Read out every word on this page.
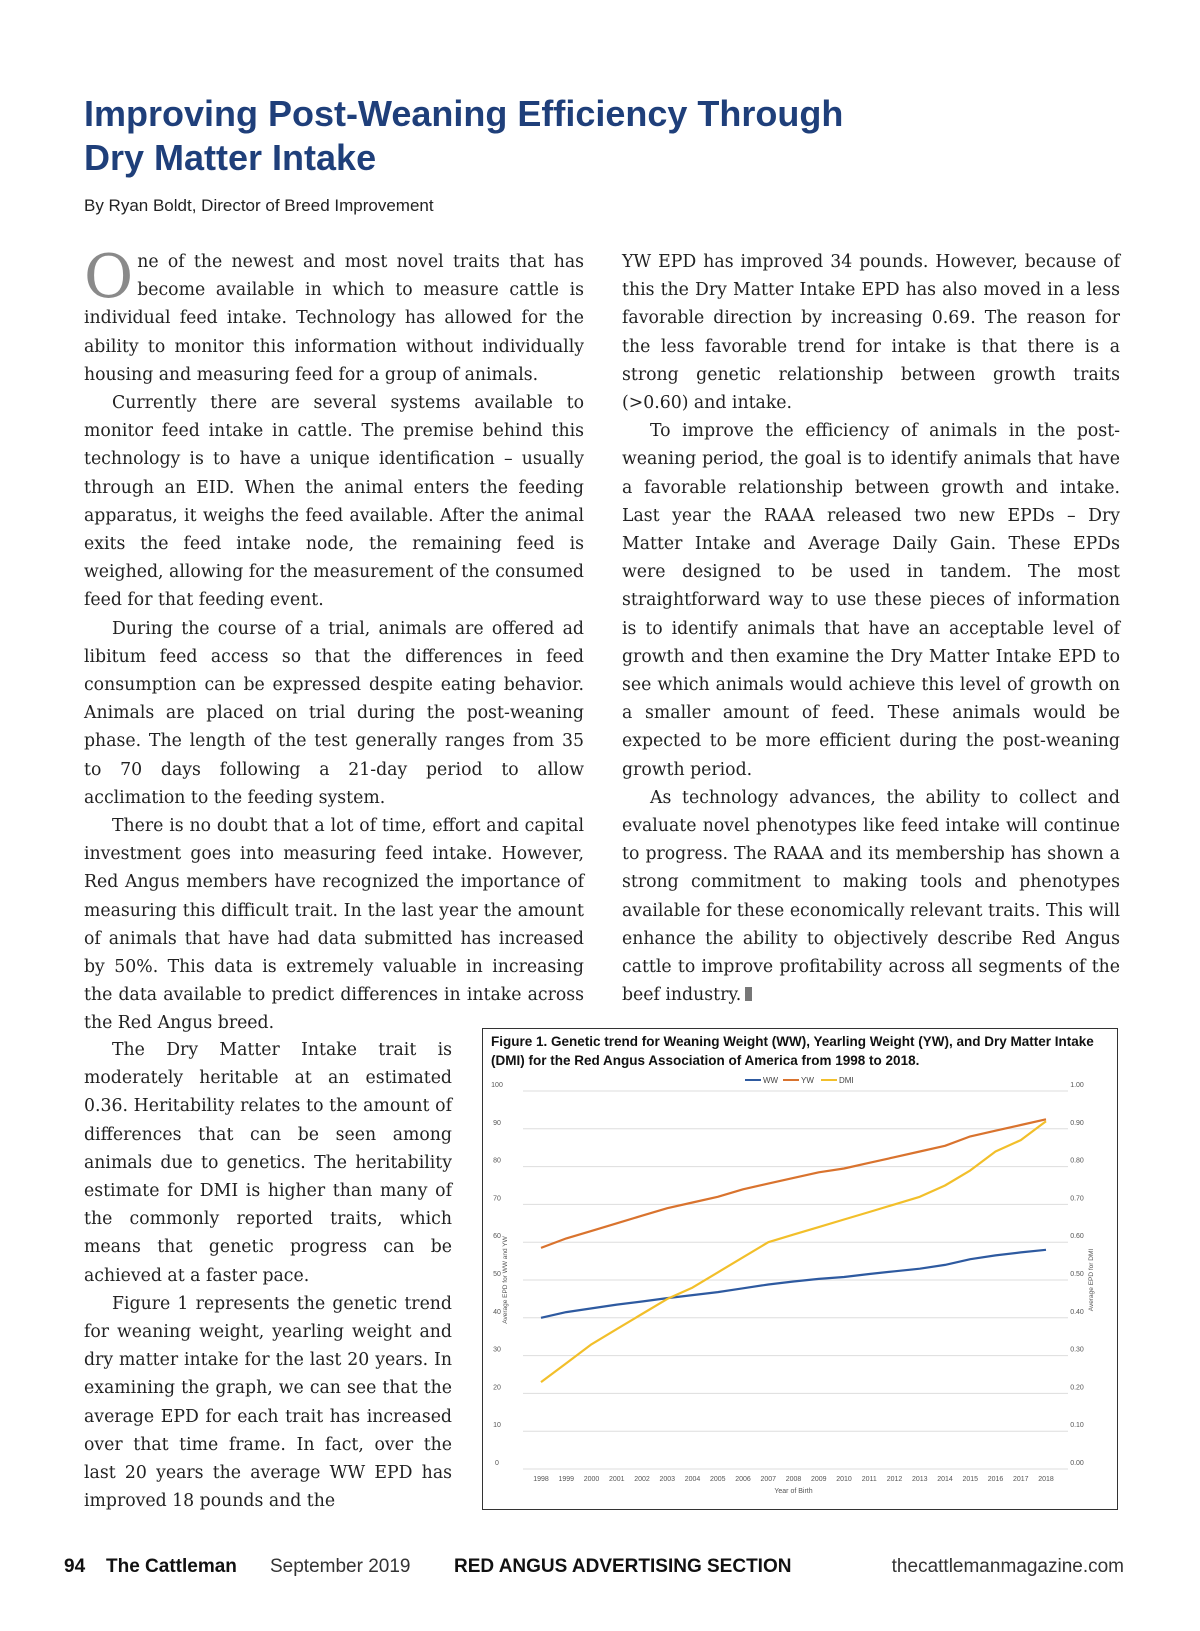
Improving Post-Weaning Efficiency Through
Dry Matter Intake

By Ryan Boldt, Director of Breed Improvement

One of the newest and most novel traits that has become available in which to measure cattle is individual feed intake. Technology has allowed for the ability to monitor this information without individually housing and measuring feed for a group of animals.

Currently there are several systems available to monitor feed intake in cattle. The premise behind this technology is to have a unique identification – usually through an EID. When the animal enters the feeding apparatus, it weighs the feed available. After the animal exits the feed intake node, the remaining feed is weighed, allowing for the measurement of the consumed feed for that feeding event.

During the course of a trial, animals are offered ad libitum feed access so that the differences in feed consumption can be expressed despite eating behavior. Animals are placed on trial during the post-weaning phase. The length of the test generally ranges from 35 to 70 days following a 21-day period to allow acclimation to the feeding system.

There is no doubt that a lot of time, effort and capital investment goes into measuring feed intake. However, Red Angus members have recognized the importance of measuring this difficult trait. In the last year the amount of animals that have had data submitted has increased by 50%. This data is extremely valuable in increasing the data available to predict differences in intake across the Red Angus breed.

The Dry Matter Intake trait is moderately heritable at an estimated 0.36. Heritability relates to the amount of differences that can be seen among animals due to genetics. The heritability estimate for DMI is higher than many of the commonly reported traits, which means that genetic progress can be achieved at a faster pace.

Figure 1 represents the genetic trend for weaning weight, yearling weight and dry matter intake for the last 20 years. In examining the graph, we can see that the average EPD for each trait has increased over that time frame. In fact, over the last 20 years the average WW EPD has improved 18 pounds and the

YW EPD has improved 34 pounds. However, because of this the Dry Matter Intake EPD has also moved in a less favorable direction by increasing 0.69. The reason for the less favorable trend for intake is that there is a strong genetic relationship between growth traits (>0.60) and intake.

To improve the efficiency of animals in the post-weaning period, the goal is to identify animals that have a favorable relationship between growth and intake. Last year the RAAA released two new EPDs – Dry Matter Intake and Average Daily Gain. These EPDs were designed to be used in tandem. The most straightforward way to use these pieces of information is to identify animals that have an acceptable level of growth and then examine the Dry Matter Intake EPD to see which animals would achieve this level of growth on a smaller amount of feed. These animals would be expected to be more efficient during the post-weaning growth period.

As technology advances, the ability to collect and evaluate novel phenotypes like feed intake will continue to progress. The RAAA and its membership has shown a strong commitment to making tools and phenotypes available for these economically relevant traits. This will enhance the ability to objectively describe Red Angus cattle to improve profitability across all segments of the beef industry.

Figure 1. Genetic trend for Weaning Weight (WW), Yearling Weight (YW), and Dry Matter Intake (DMI) for the Red Angus Association of America from 1998 to 2018.

0
10
20
30
40
50
60
70
80
90
100
0.00
0.10
0.20
0.30
0.40
0.50
0.60
0.70
0.80
0.90
1.00
1998 1999 2000 2001 2002 2003 2004 2005 2006 2007 2008 2009 2010 2011 2012 2013 2014 2015 2016 2017 2018
Year of Birth
Average EPD for WW and YW	Average EPD for DMI
WW	YW	DMI
94 The Cattleman September 2019 RED ANGUS ADVERTISING SECTION	thecattlemanmagazine.com
